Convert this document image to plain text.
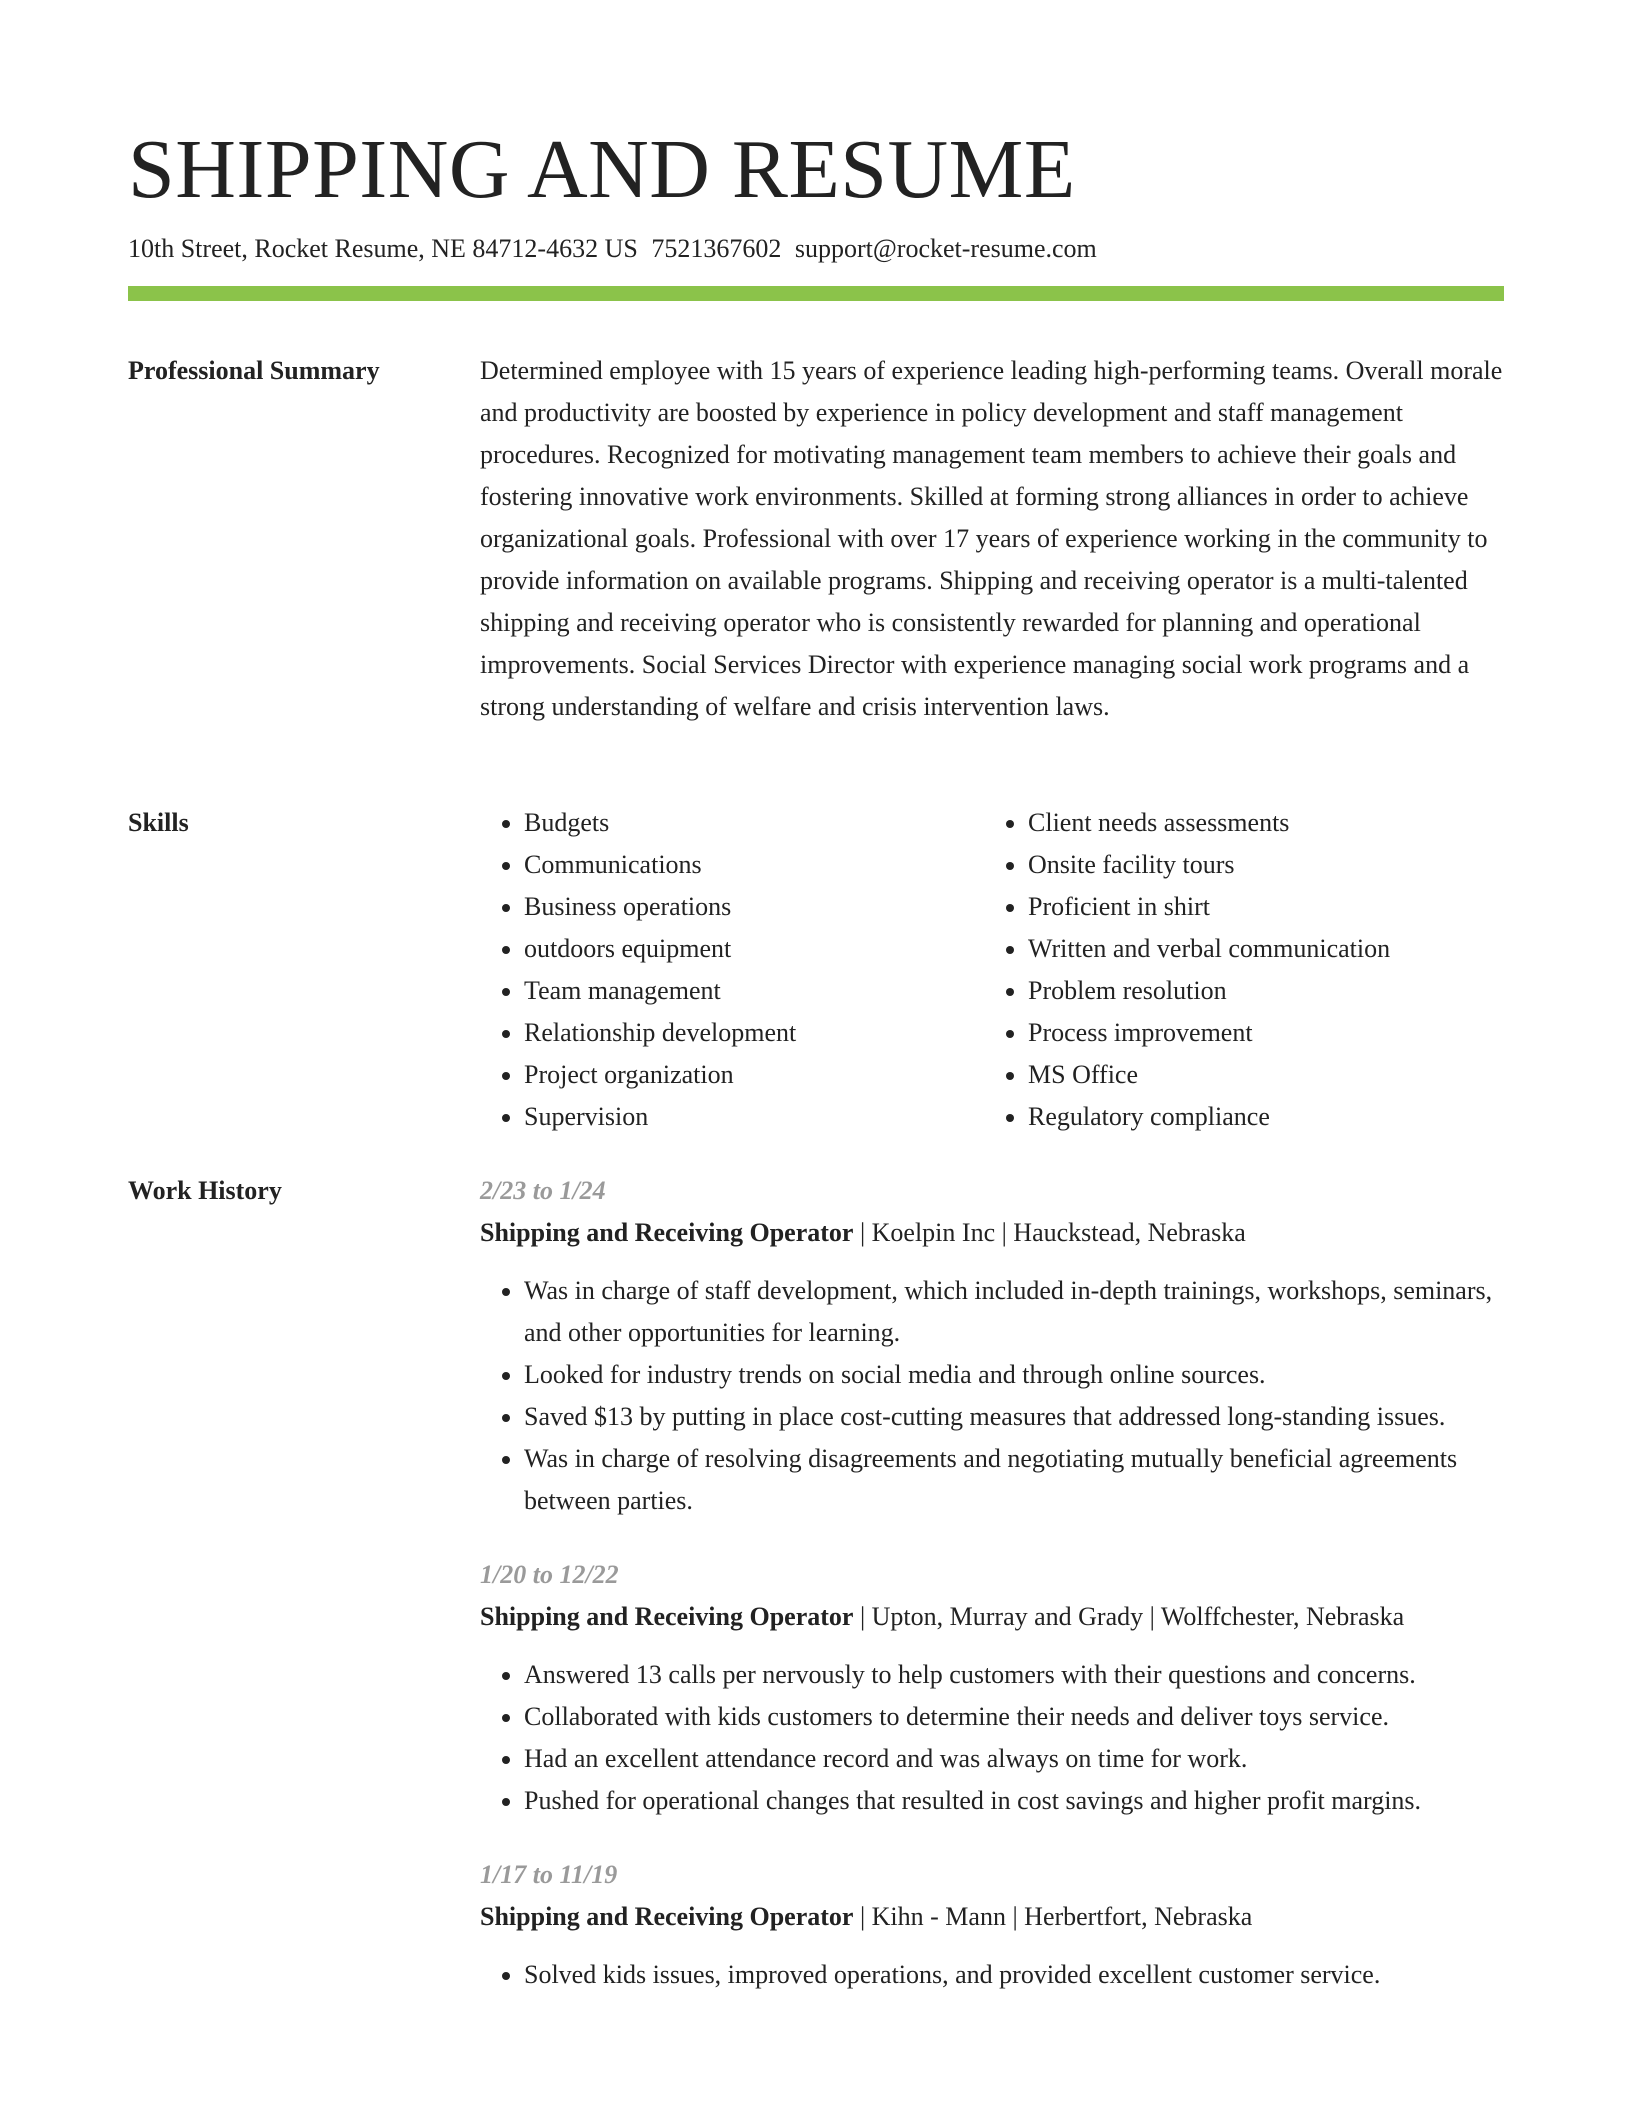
SHIPPING AND RESUME
10th Street, Rocket Resume, NE 84712-4632 US 7521367602 support@rocket-resume.com
Professional Summary	Determined employee with 15 years of experience leading high-performing teams. Overall morale and productivity are boosted by experience in policy development and staff management procedures. Recognized for motivating management team members to achieve their goals and fostering innovative work environments. Skilled at forming strong alliances in order to achieve organizational goals. Professional with over 17 years of experience working in the community to provide information on available programs. Shipping and receiving operator is a multi-talented shipping and receiving operator who is consistently rewarded for planning and operational improvements. Social Services Director with experience managing social work programs and a strong understanding of welfare and crisis intervention laws.

Skills
•	Budgets
• Communications
• Business operations
• outdoors equipment
• Team management
• Relationship development
• Project organization
• Supervision
• Client needs assessments
• Onsite facility tours
• Proficient in shirt
• Written and verbal communication
• Problem resolution
• Process improvement
• MS Office
• Regulatory compliance
Work History	2/23 to 1/24
Shipping and Receiving Operator | Koelpin Inc | Hauckstead, Nebraska
• Was in charge of staff development, which included in-depth trainings, workshops, seminars, and other opportunities for learning.
• Looked for industry trends on social media and through online sources.
• Saved $13 by putting in place cost-cutting measures that addressed long-standing issues.
• Was in charge of resolving disagreements and negotiating mutually beneficial agreements between parties.
1/20 to 12/22
Shipping and Receiving Operator | Upton, Murray and Grady | Wolffchester, Nebraska
• Answered 13 calls per nervously to help customers with their questions and concerns.
• Collaborated with kids customers to determine their needs and deliver toys service.
• Had an excellent attendance record and was always on time for work.
• Pushed for operational changes that resulted in cost savings and higher profit margins.
1/17 to 11/19
Shipping and Receiving Operator | Kihn - Mann | Herbertfort, Nebraska
• Solved kids issues, improved operations, and provided excellent customer service.
